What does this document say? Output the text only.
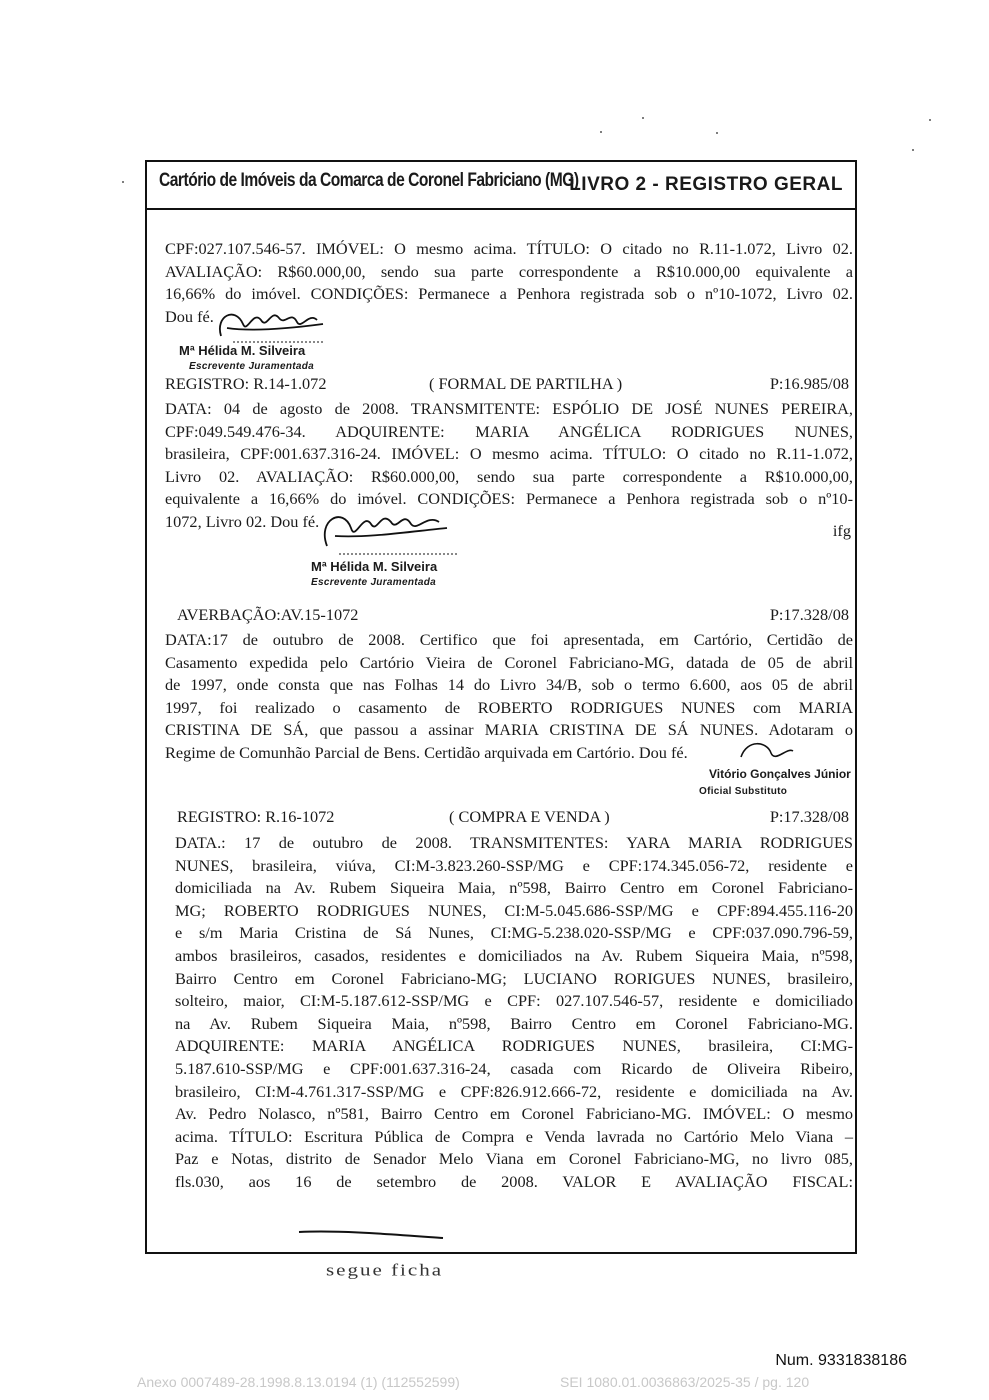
Cartório de Imóveis da Comarca de Coronel Fabriciano (MG)
LIVRO 2 - REGISTRO GERAL
CPF:027.107.546-57. IMÓVEL: O mesmo acima. TÍTULO: O citado no R.11-1.072, Livro 02.
AVALIAÇÃO: R$60.000,00, sendo sua parte correspondente a R$10.000,00 equivalente a
16,66% do imóvel. CONDIÇÕES: Permanece a Penhora registrada sob o nº10-1072, Livro 02.
Dou fé.
Mª Hélida M. Silveira
Escrevente Juramentada
REGISTRO: R.14-1.072	( FORMAL DE PARTILHA )	P:16.985/08
DATA: 04 de agosto de 2008. TRANSMITENTE: ESPÓLIO DE JOSÉ NUNES PEREIRA,
CPF:049.549.476-34. ADQUIRENTE: MARIA ANGÉLICA RODRIGUES NUNES,
brasileira, CPF:001.637.316-24. IMÓVEL: O mesmo acima. TÍTULO: O citado no R.11-1.072,
Livro 02. AVALIAÇÃO: R$60.000,00, sendo sua parte correspondente a R$10.000,00,
equivalente a 16,66% do imóvel. CONDIÇÕES: Permanece a Penhora registrada sob o nº10-
1072, Livro 02. Dou fé.	ifg
Mª Hélida M. Silveira
Escrevente Juramentada
AVERBAÇÃO:AV.15-1072	P:17.328/08
DATA:17 de outubro de 2008. Certifico que foi apresentada, em Cartório, Certidão de
Casamento expedida pelo Cartório Vieira de Coronel Fabriciano-MG, datada de 05 de abril
de 1997, onde consta que nas Folhas 14 do Livro 34/B, sob o termo 6.600, aos 05 de abril
1997, foi realizado o casamento de ROBERTO RODRIGUES NUNES com MARIA
CRISTINA DE SÁ, que passou a assinar MARIA CRISTINA DE SÁ NUNES. Adotaram o
Regime de Comunhão Parcial de Bens. Certidão arquivada em Cartório. Dou fé.
Vitório Gonçalves Júnior
Oficial Substituto
REGISTRO: R.16-1072	( COMPRA E VENDA )	P:17.328/08
DATA.: 17 de outubro de 2008. TRANSMITENTES: YARA MARIA RODRIGUES
NUNES, brasileira, viúva, CI:M-3.823.260-SSP/MG e CPF:174.345.056-72, residente e
domiciliada na Av. Rubem Siqueira Maia, nº598, Bairro Centro em Coronel Fabriciano-
MG; ROBERTO RODRIGUES NUNES, CI:M-5.045.686-SSP/MG e CPF:894.455.116-20
e s/m Maria Cristina de Sá Nunes, CI:MG-5.238.020-SSP/MG e CPF:037.090.796-59,
ambos brasileiros, casados, residentes e domiciliados na Av. Rubem Siqueira Maia, nº598,
Bairro Centro em Coronel Fabriciano-MG; LUCIANO RORIGUES NUNES, brasileiro,
solteiro, maior, CI:M-5.187.612-SSP/MG e CPF: 027.107.546-57, residente e domiciliado
na Av. Rubem Siqueira Maia, nº598, Bairro Centro em Coronel Fabriciano-MG.
ADQUIRENTE: MARIA ANGÉLICA RODRIGUES NUNES, brasileira, CI:MG-
5.187.610-SSP/MG e CPF:001.637.316-24, casada com Ricardo de Oliveira Ribeiro,
brasileiro, CI:M-4.761.317-SSP/MG e CPF:826.912.666-72, residente e domiciliada na Av.
Av. Pedro Nolasco, nº581, Bairro Centro em Coronel Fabriciano-MG. IMÓVEL: O mesmo
acima. TÍTULO: Escritura Pública de Compra e Venda lavrada no Cartório Melo Viana –
Paz e Notas, distrito de Senador Melo Viana em Coronel Fabriciano-MG, no livro 085,
fls.030, aos 16 de setembro de 2008. VALOR E AVALIAÇÃO FISCAL:
segue ficha
Num. 9331838186
Anexo 0007489-28.1998.8.13.0194 (1) (112552599)	SEI 1080.01.0036863/2025-35 / pg. 120
